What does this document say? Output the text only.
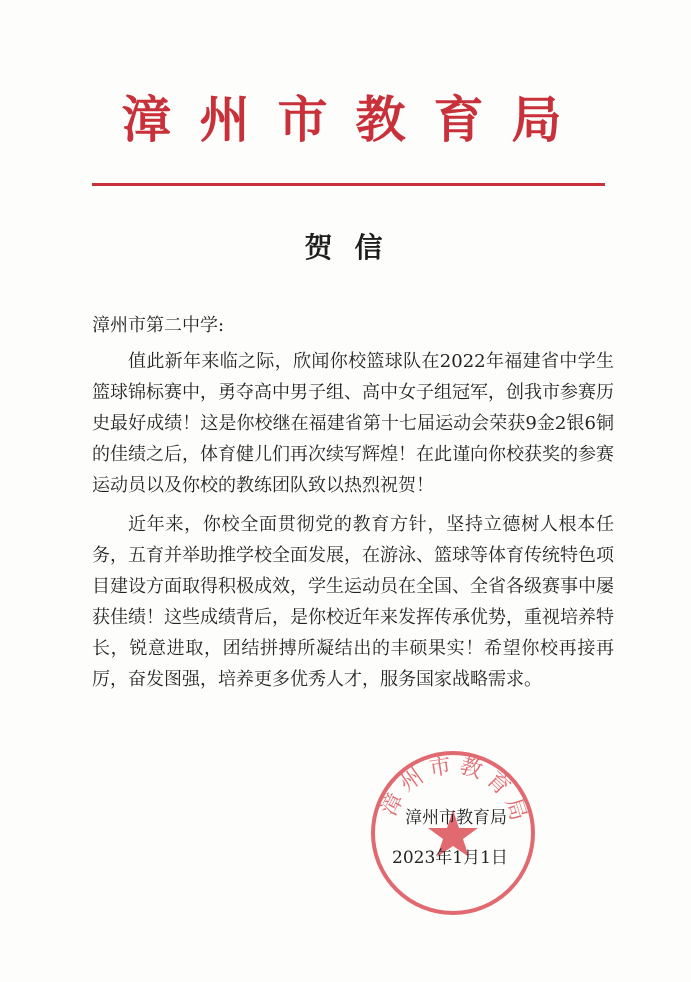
漳州市教育局
贺信
漳州市第二中学:

值此新年来临之际，欣闻你校篮球队在2022年福建省中学生篮球锦标赛中，勇夺高中男子组、高中女子组冠军，创我市参赛历史最好成绩！这是你校继在福建省第十七届运动会荣获9金2银6铜的佳绩之后，体育健儿们再次续写辉煌！在此谨向你校获奖的参赛运动员以及你校的教练团队致以热烈祝贺！

近年来，你校全面贯彻党的教育方针，坚持立德树人根本任务，五育并举助推学校全面发展，在游泳、篮球等体育传统特色项目建设方面取得积极成效，学生运动员在全国、全省各级赛事中屡获佳绩！这些成绩背后，是你校近年来发挥传承优势，重视培养特长，锐意进取，团结拼搏所凝结出的丰硕果实！希望你校再接再厉，奋发图强，培养更多优秀人才，服务国家战略需求。

漳州市教育局
漳州市教育局
2023年1月1日
